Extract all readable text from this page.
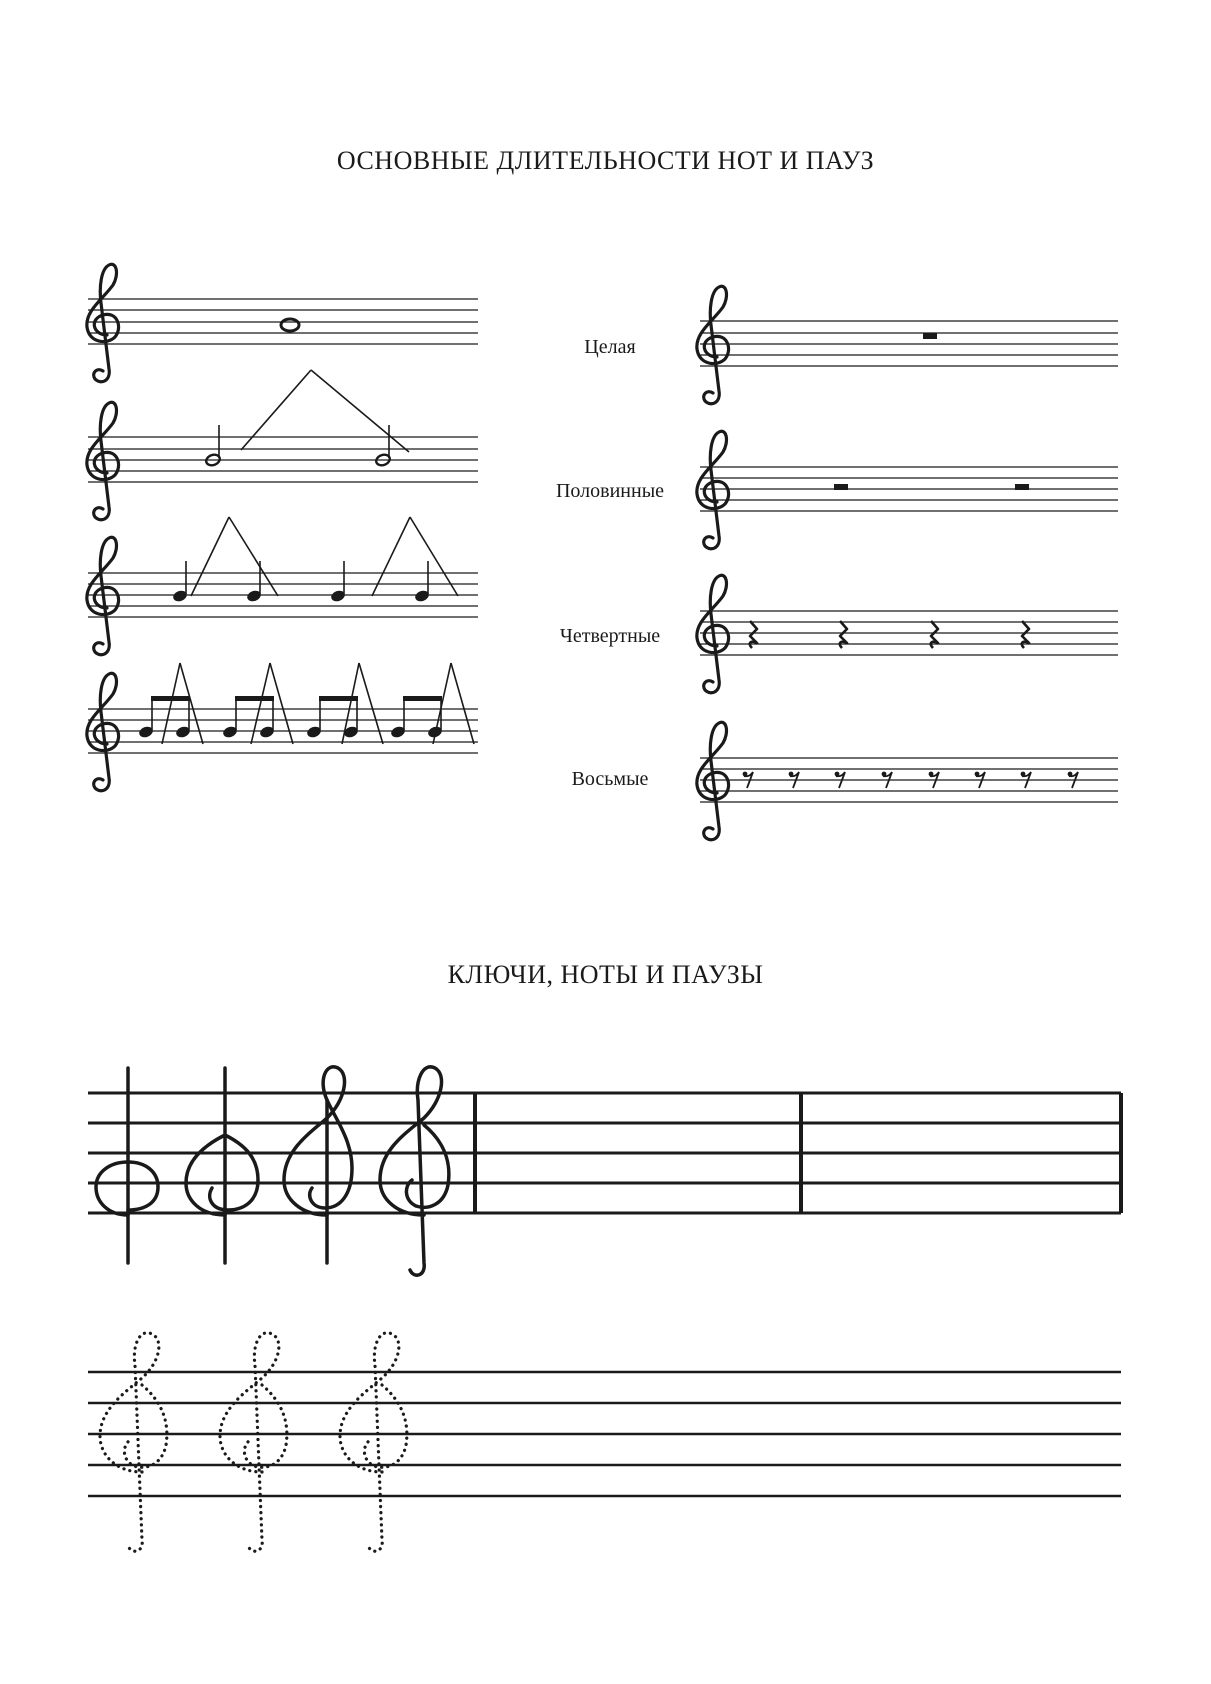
ОСНОВНЫЕ ДЛИТЕЛЬНОСТИ НОТ И ПАУЗ
КЛЮЧИ, НОТЫ И ПАУЗЫ
Целая
Половинные
Четвертные
Восьмые
